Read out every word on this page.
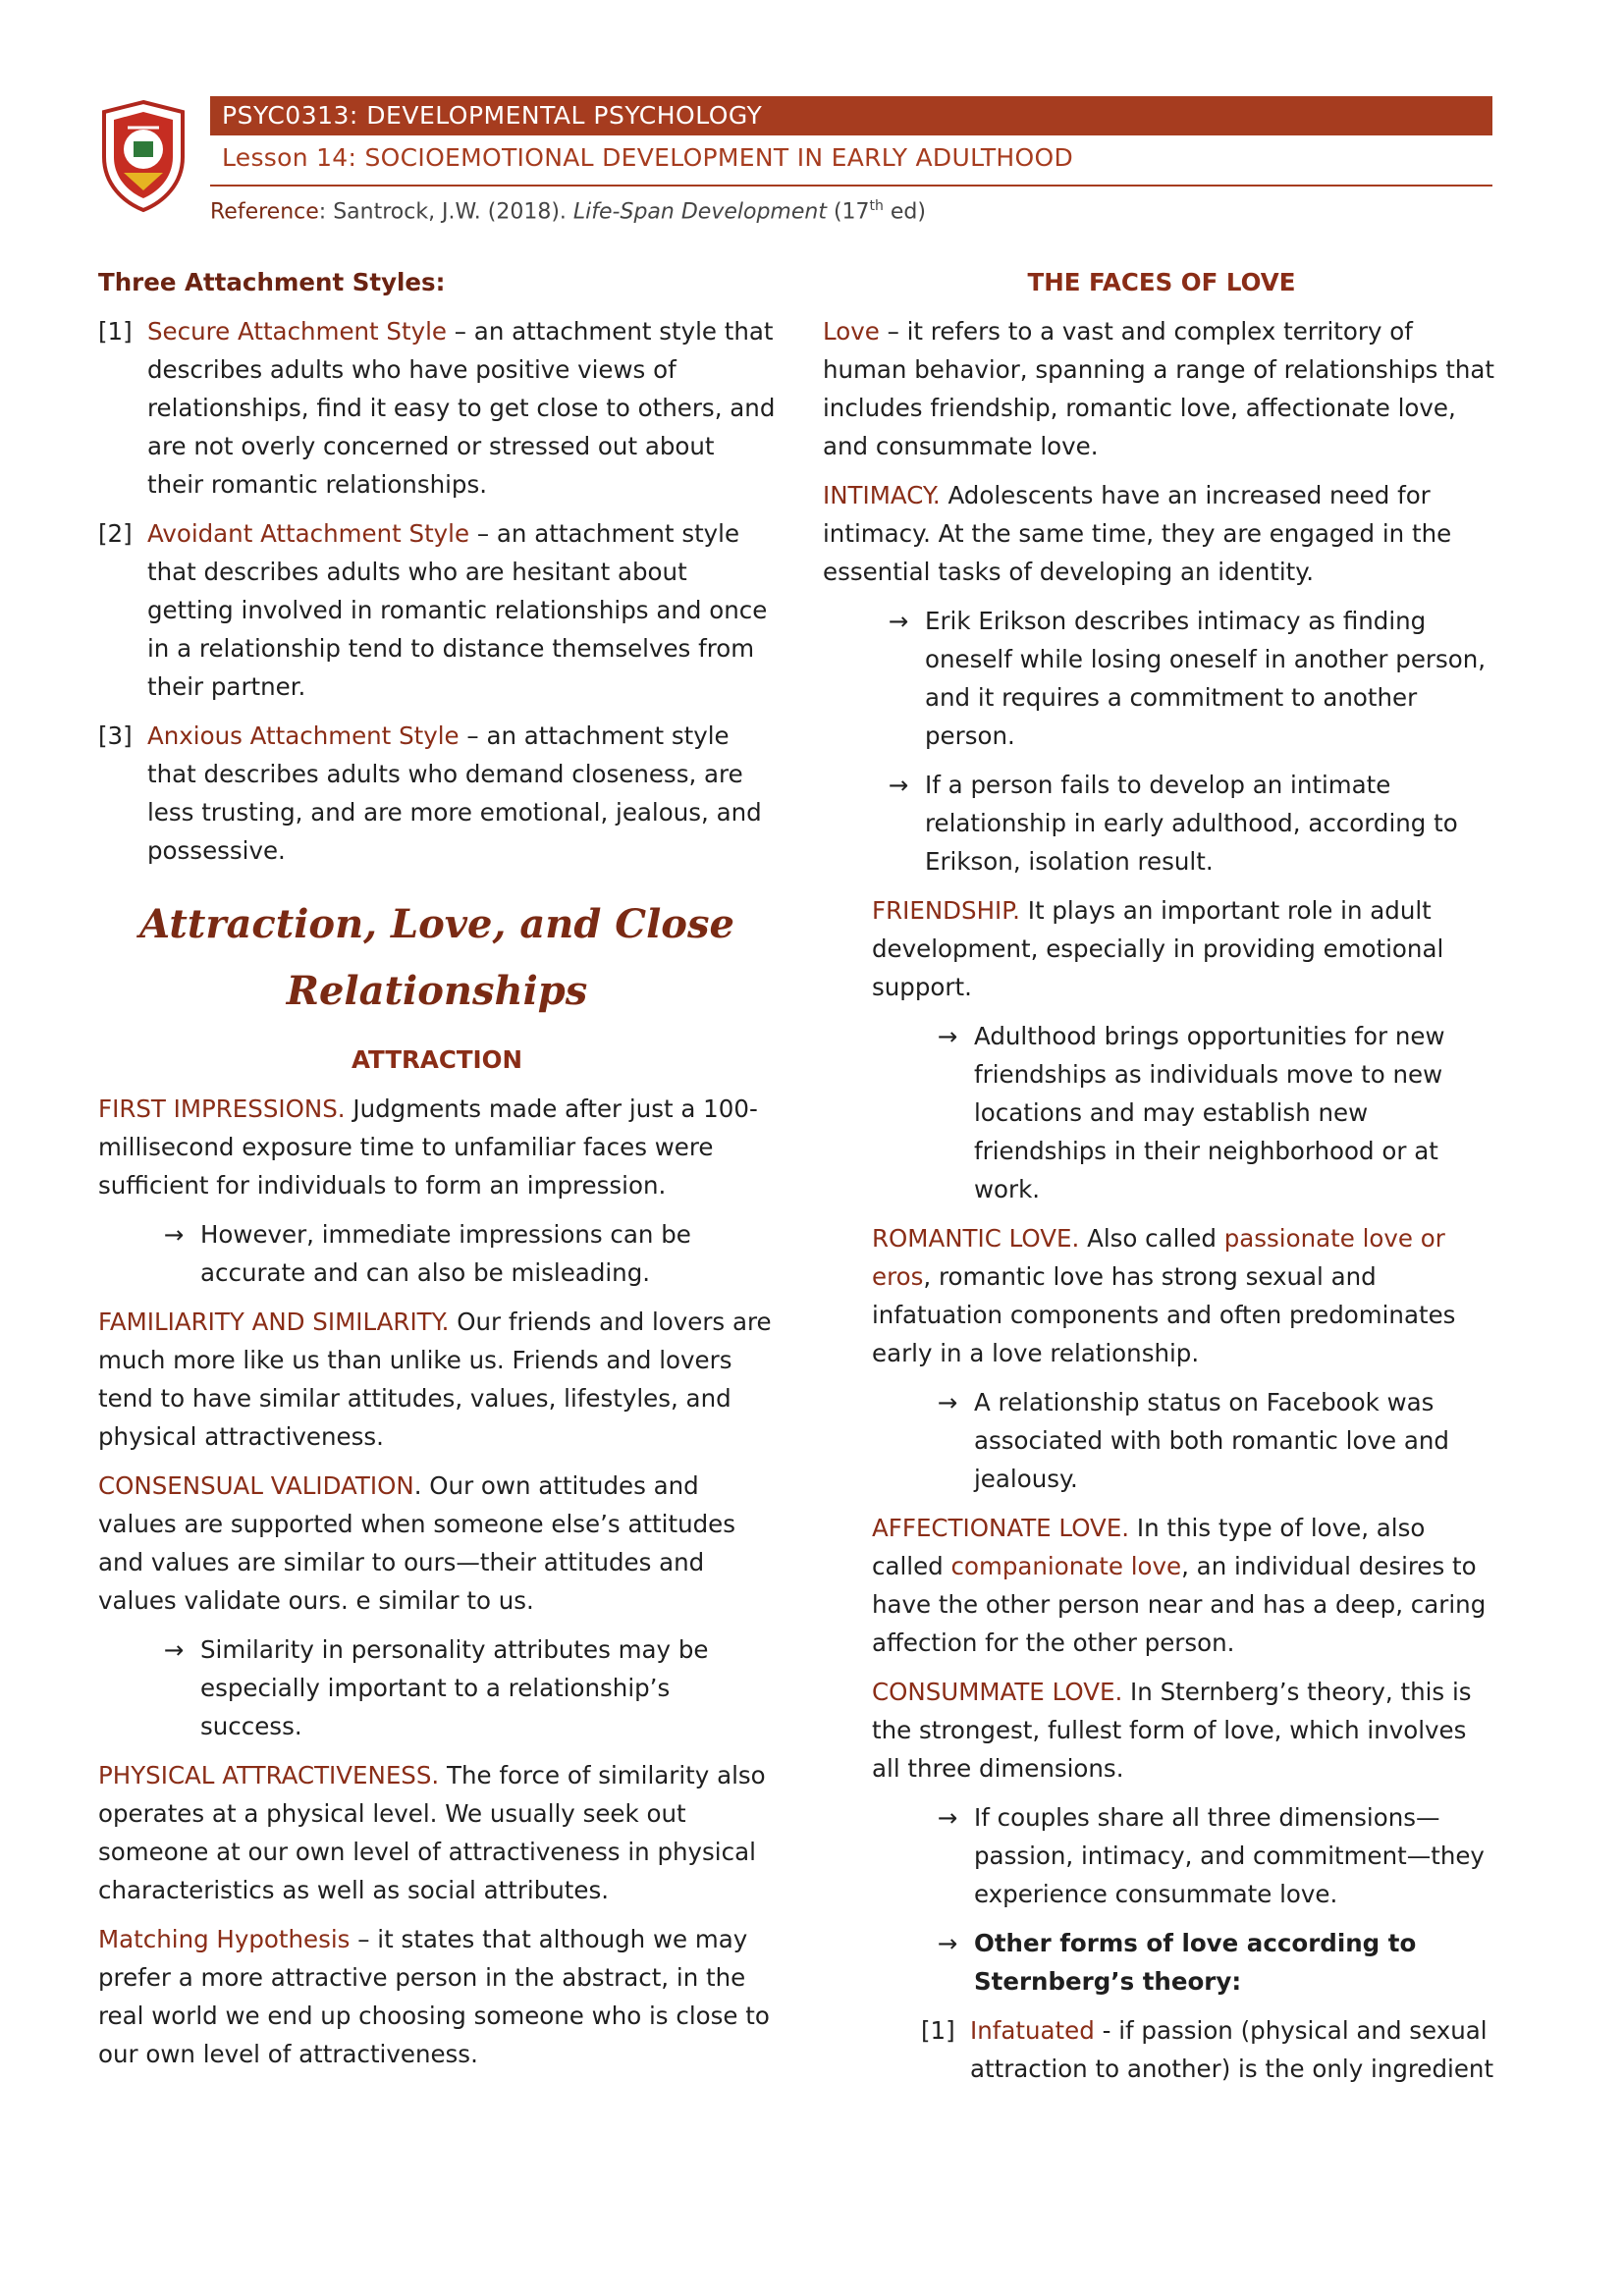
PSYC0313: DEVELOPMENTAL PSYCHOLOGY
Lesson 14: SOCIOEMOTIONAL DEVELOPMENT IN EARLY ADULTHOOD
Reference: Santrock, J.W. (2018). Life-Span Development (17th ed)

Three Attachment Styles:

[1] Secure Attachment Style – an attachment style that describes adults who have positive views of relationships, find it easy to get close to others, and are not overly concerned or stressed out about their romantic relationships.
[2] Avoidant Attachment Style – an attachment style that describes adults who are hesitant about getting involved in romantic relationships and once in a relationship tend to distance themselves from their partner.
[3] Anxious Attachment Style – an attachment style that describes adults who demand closeness, are less trusting, and are more emotional, jealous, and possessive.
Attraction, Love, and Close Relationships

ATTRACTION

FIRST IMPRESSIONS. Judgments made after just a 100-millisecond exposure time to unfamiliar faces were sufficient for individuals to form an impression.

→ However, immediate impressions can be accurate and can also be misleading.

FAMILIARITY AND SIMILARITY. Our friends and lovers are much more like us than unlike us. Friends and lovers tend to have similar attitudes, values, lifestyles, and physical attractiveness.

CONSENSUAL VALIDATION. Our own attitudes and values are supported when someone else’s attitudes and values are similar to ours—their attitudes and values validate ours. e similar to us.

→ Similarity in personality attributes may be especially important to a relationship’s success.

PHYSICAL ATTRACTIVENESS. The force of similarity also operates at a physical level. We usually seek out someone at our own level of attractiveness in physical characteristics as well as social attributes.

Matching Hypothesis – it states that although we may prefer a more attractive person in the abstract, in the real world we end up choosing someone who is close to our own level of attractiveness.

THE FACES OF LOVE

Love – it refers to a vast and complex territory of human behavior, spanning a range of relationships that includes friendship, romantic love, affectionate love, and consummate love.

INTIMACY. Adolescents have an increased need for intimacy. At the same time, they are engaged in the essential tasks of developing an identity.

→ Erik Erikson describes intimacy as finding oneself while losing oneself in another person, and it requires a commitment to another person.
→ If a person fails to develop an intimate relationship in early adulthood, according to Erikson, isolation result.

FRIENDSHIP. It plays an important role in adult development, especially in providing emotional support.

→ Adulthood brings opportunities for new friendships as individuals move to new locations and may establish new friendships in their neighborhood or at work.

ROMANTIC LOVE. Also called passionate love or eros, romantic love has strong sexual and infatuation components and often predominates early in a love relationship.

→ A relationship status on Facebook was associated with both romantic love and jealousy.

AFFECTIONATE LOVE. In this type of love, also called companionate love, an individual desires to have the other person near and has a deep, caring affection for the other person.

CONSUMMATE LOVE. In Sternberg’s theory, this is the strongest, fullest form of love, which involves all three dimensions.

→ If couples share all three dimensions—passion, intimacy, and commitment—they experience consummate love.
→ Other forms of love according to Sternberg’s theory:
[1] Infatuated - if passion (physical and sexual attraction to another) is the only ingredient
